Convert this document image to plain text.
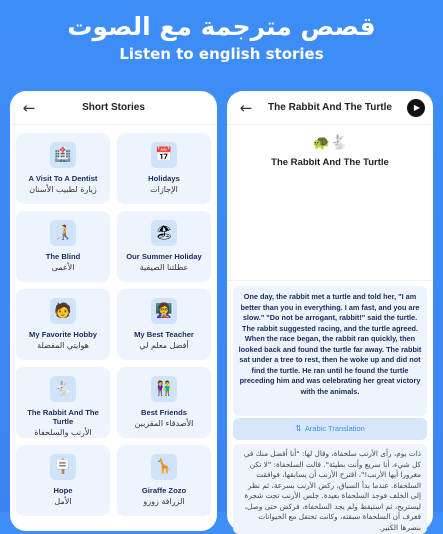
قصص مترجمة مع الصوت
Listen to english stories
←	Short Stories
🏥
A Visit To A Dentist
زيارة لطبيب الأسنان
📅
Holidays
الإجازات
🧑‍🦯
The Blind
الأعمى
🏖
Our Summer Holiday
عطلتنا الصيفية
🧑
My Favorite Hobby
هوايتي المفضلة
👩‍🏫
My Best Teacher
أفضل معلم لي
🐇
The Rabbit And The Turtle
الأرنب والسلحفاة
👫
Best Friends
الأصدقاء المقربين
🪧
Hope
الأمل
🦒
Giraffe Zozo
الزرافة زوزو
←	The Rabbit And The Turtle	▶
🐢🐇
The Rabbit And The Turtle
One day, the rabbit met a turtle and told her, "I am better than you in everything. I am fast, and you are slow." "Do not be arrogant, rabbit!" said the turtle. The rabbit suggested racing, and the turtle agreed. When the race began, the rabbit ran quickly, then looked back and found the turtle far away. The rabbit sat under a tree to rest, then he woke up and did not find the turtle. He ran until he found the turtle preceding him and was celebrating her great victory with the animals.
⇅ Arabic Translation
ذات يوم، رأى الأرنب سلحفاة، وقال لها: "أنا أفضل منك في كل شيء، أنا سريع وأنت بطيئة". قالت السلحفاة: "لا تكن مغرورا أيها الأرنب!"، اقترح الأرنب أن يسابقها، فوافقت السلحفاة. عندما بدأ السباق، ركض الأرنب بسرعة، ثم نظر إلى الخلف فوجد السلحفاة بعيدة. جلس الأرنب تحت شجرة ليستريح، ثم استيقظ ولم يجد السلحفاة، فركض حتى وصل، فعرف أن السلحفاة سبقته، وكانت تحتفل مع الحيوانات بنصرها الكبير.
